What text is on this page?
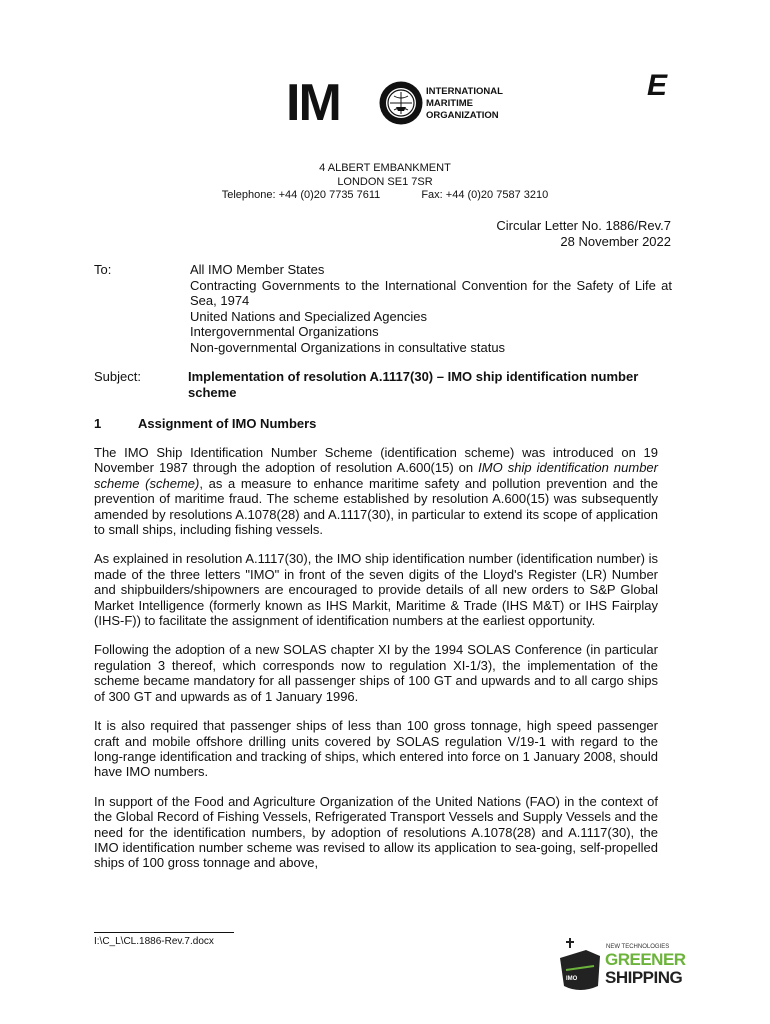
IM	INTERNATIONAL
MARITIME
ORGANIZATION
E
4 ALBERT EMBANKMENT
LONDON SE1 7SR
Telephone: +44 (0)20 7735 7611	Fax: +44 (0)20 7587 3210
Circular Letter No. 1886/Rev.7
28 November 2022
To:	All IMO Member States
Contracting Governments to the International Convention for the Safety of Life at Sea, 1974
United Nations and Specialized Agencies
Intergovernmental Organizations
Non-governmental Organizations in consultative status
Subject:	Implementation of resolution A.1117(30) – IMO ship identification number scheme
1	Assignment of IMO Numbers

The IMO Ship Identification Number Scheme (identification scheme) was introduced on 19 November 1987 through the adoption of resolution A.600(15) on IMO ship identification number scheme (scheme), as a measure to enhance maritime safety and pollution prevention and the prevention of maritime fraud. The scheme established by resolution A.600(15) was subsequently amended by resolutions A.1078(28) and A.1117(30), in particular to extend its scope of application to small ships, including fishing vessels.

As explained in resolution A.1117(30), the IMO ship identification number (identification number) is made of the three letters "IMO" in front of the seven digits of the Lloyd's Register (LR) Number and shipbuilders/shipowners are encouraged to provide details of all new orders to S&P Global Market Intelligence (formerly known as IHS Markit, Maritime & Trade (IHS M&T) or IHS Fairplay (IHS-F)) to facilitate the assignment of identification numbers at the earliest opportunity.

Following the adoption of a new SOLAS chapter XI by the 1994 SOLAS Conference (in particular regulation 3 thereof, which corresponds now to regulation XI-1/3), the implementation of the scheme became mandatory for all passenger ships of 100 GT and upwards and to all cargo ships of 300 GT and upwards as of 1 January 1996.

It is also required that passenger ships of less than 100 gross tonnage, high speed passenger craft and mobile offshore drilling units covered by SOLAS regulation V/19-1 with regard to the long-range identification and tracking of ships, which entered into force on 1 January 2008, should have IMO numbers.

In support of the Food and Agriculture Organization of the United Nations (FAO) in the context of the Global Record of Fishing Vessels, Refrigerated Transport Vessels and Supply Vessels and the need for the identification numbers, by adoption of resolutions A.1078(28) and A.1117(30), the IMO identification number scheme was revised to allow its application to sea-going, self-propelled ships of 100 gross tonnage and above,

I:\C_L\CL.1886-Rev.7.docx
IMO
NEW TECHNOLOGIES
GREENER
SHIPPING
